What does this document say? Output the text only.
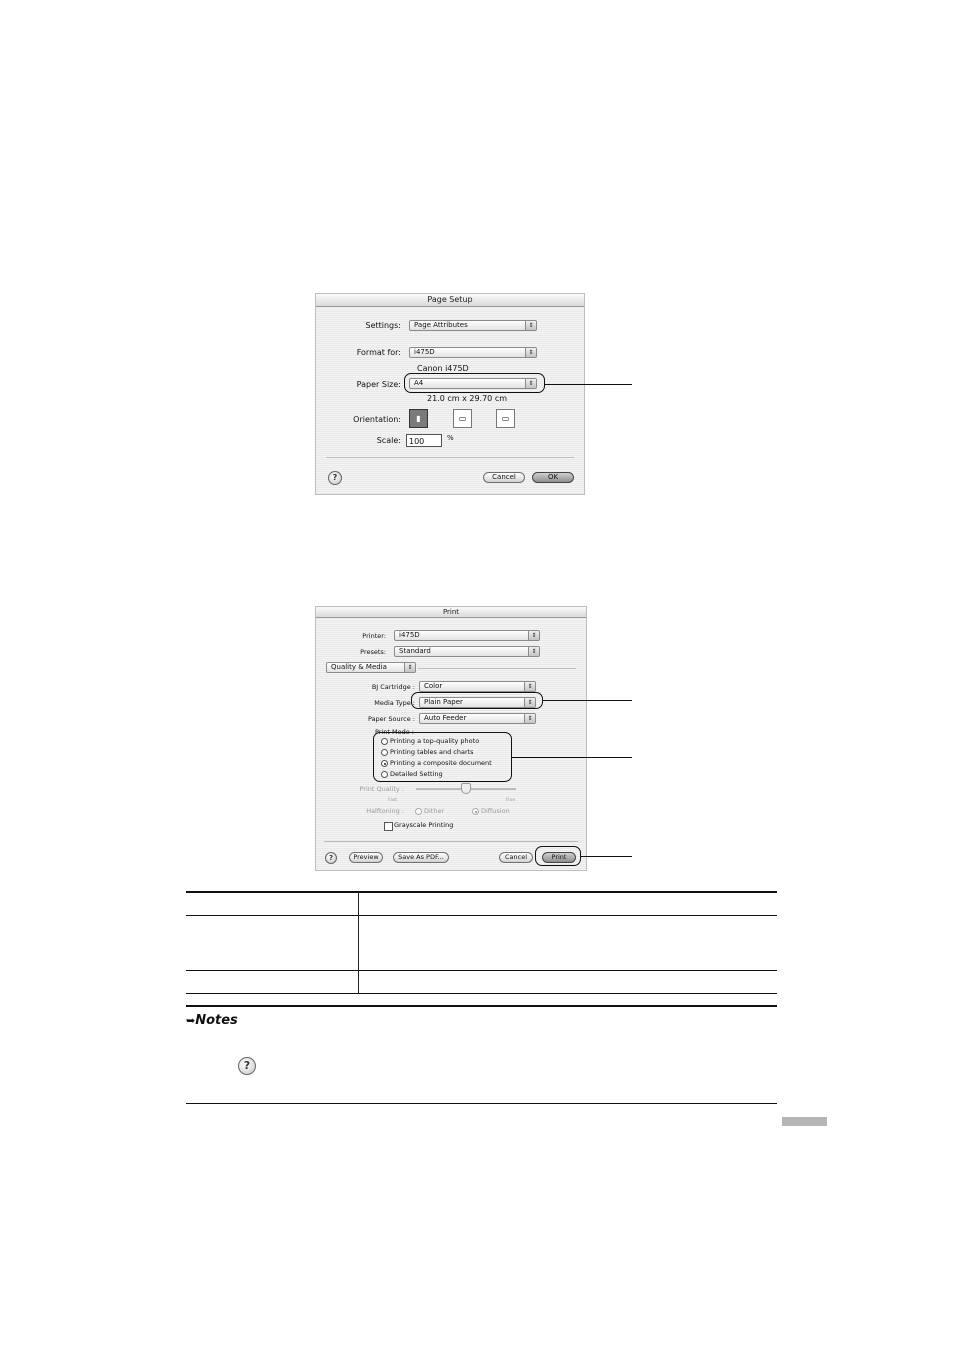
Page Setup
Settings:	Page Attributes	⇕
Format for:	i475D	⇕
Canon i475D
Paper Size:	A4	⇕
21.0 cm x 29.70 cm
Orientation:	▮	▭	▭
Scale:	100	%
?	Cancel	OK
Print
Printer:	i475D	⇕
Presets:	Standard	⇕
Quality & Media	⇕
BJ Cartridge :	Color	⇕
Media Type :	Plain Paper	⇕
Paper Source :	Auto Feeder	⇕
Print Mode :
Printing a top-quality photo
Printing tables and charts
Printing a composite document
Detailed Setting
Print Quality :
Fast	Fine
Halftoning :	Dither	Diffusion
Grayscale Printing
?	Preview	Save As PDF...	Cancel	Print
➥Notes
?
